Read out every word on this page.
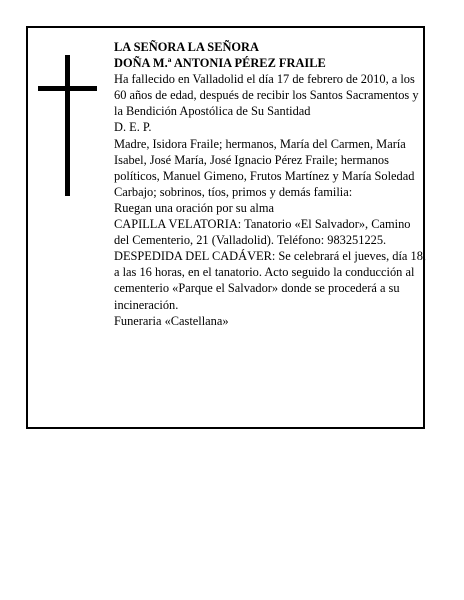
LA SEÑORA LA SEÑORA

DOÑA M.ª ANTONIA PÉREZ FRAILE

Ha fallecido en Valladolid el día 17 de febrero de 2010, a los 60 años de edad, después de recibir los Santos Sacramentos y la Bendición Apostólica de Su Santidad

D. E. P.

Madre, Isidora Fraile; hermanos, María del Carmen, María Isabel, José María, José Ignacio Pérez Fraile; hermanos políticos, Manuel Gimeno, Frutos Martínez y María Soledad Carbajo; sobrinos, tíos, primos y demás familia:

Ruegan una oración por su alma

CAPILLA VELATORIA: Tanatorio «El Salvador», Camino del Cementerio, 21 (Valladolid). Teléfono: 983251225.

DESPEDIDA DEL CADÁVER: Se celebrará el jueves, día 18, a las 16 horas, en el tanatorio. Acto seguido la conducción al cementerio «Parque el Salvador» donde se procederá a su incineración.

Funeraria «Castellana»
